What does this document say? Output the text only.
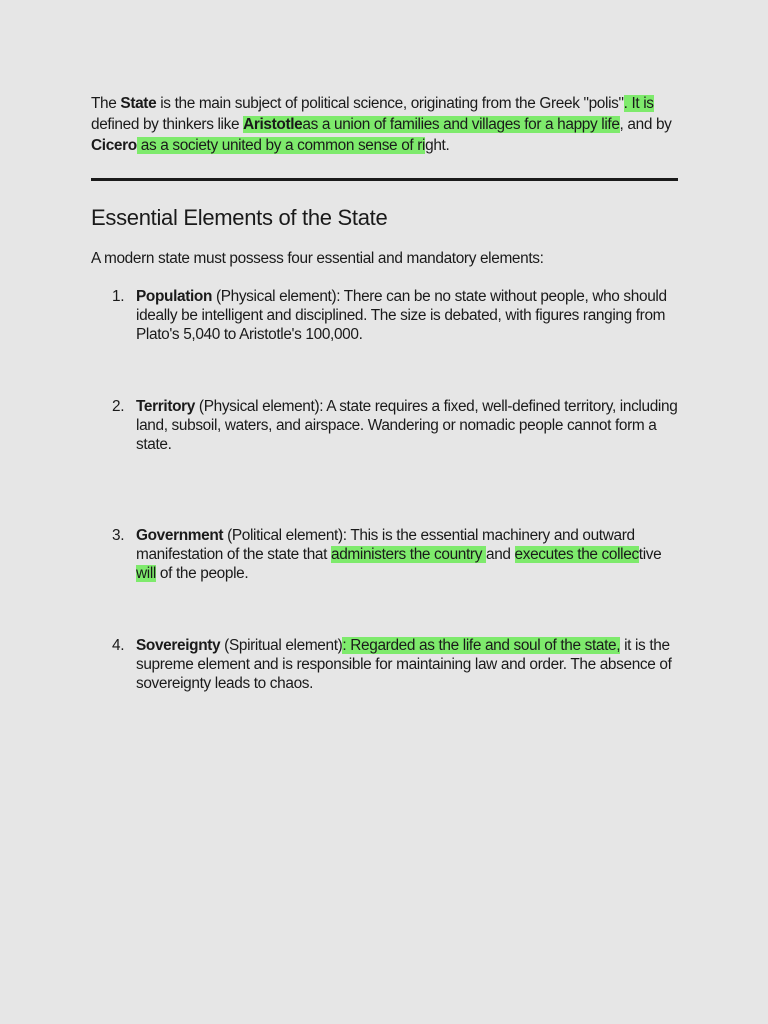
The State is the main subject of political science, originating from the Greek "polis". It is defined by thinkers like Aristotleas a union of families and villages for a happy life, and by Cicero as a society united by a common sense of right.

Essential Elements of the State
A modern state must possess four essential and mandatory elements:
1. Population (Physical element): There can be no state without people, who should ideally be intelligent and disciplined. The size is debated, with figures ranging from Plato's 5,040 to Aristotle's 100,000.
2. Territory (Physical element): A state requires a fixed, well-defined territory, including land, subsoil, waters, and airspace. Wandering or nomadic people cannot form a state.
3. Government (Political element): This is the essential machinery and outward manifestation of the state that administers the country and executes the collective will of the people.
4. Sovereignty (Spiritual element): Regarded as the life and soul of the state, it is the supreme element and is responsible for maintaining law and order. The absence of sovereignty leads to chaos.
